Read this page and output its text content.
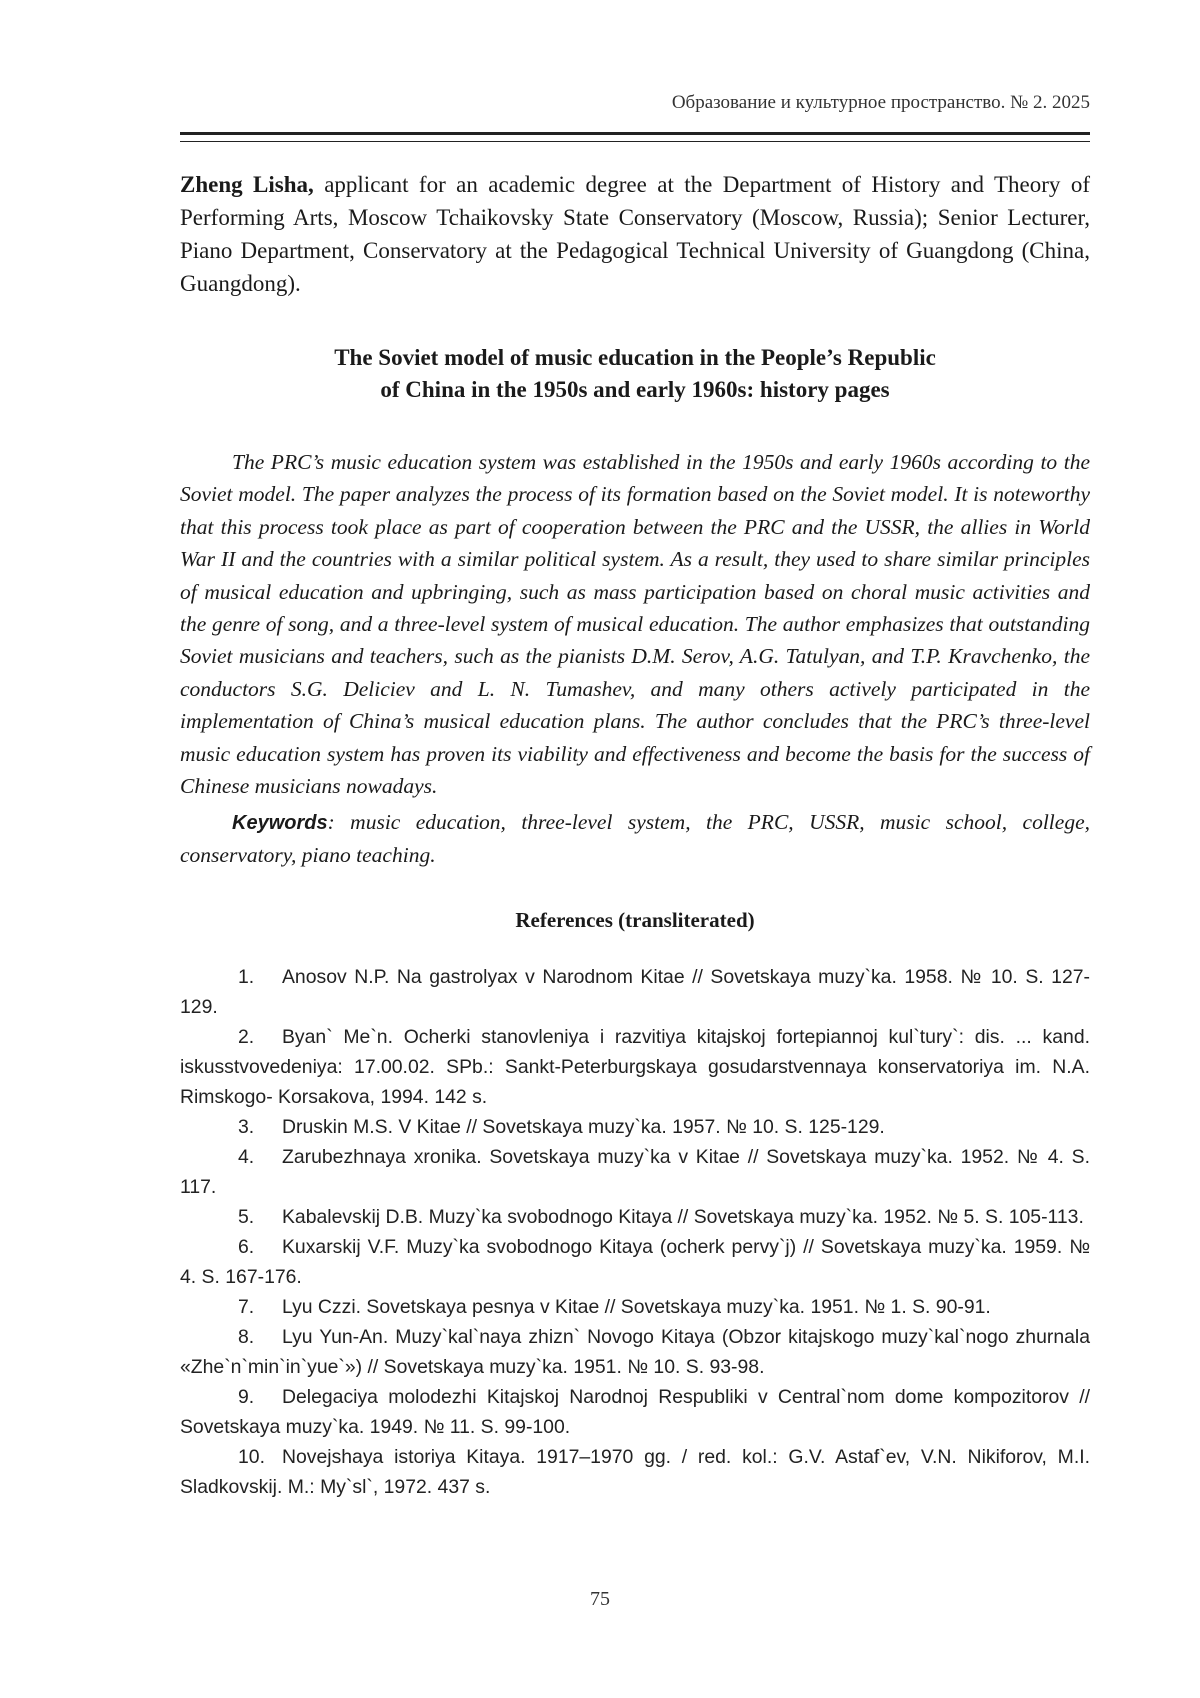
Образование и культурное пространство. № 2. 2025

Zheng Lisha, applicant for an academic degree at the Department of History and Theory of Performing Arts, Moscow Tchaikovsky State Conservatory (Moscow, Russia); Senior Lecturer, Piano Department, Conservatory at the Pedagogical Technical University of Guangdong (China, Guangdong).

The Soviet model of music education in the People’s Republic
of China in the 1950s and early 1960s: history pages

The PRC’s music education system was established in the 1950s and early 1960s according to the Soviet model. The paper analyzes the process of its formation based on the Soviet model. It is noteworthy that this process took place as part of cooperation between the PRC and the USSR, the allies in World War II and the countries with a similar political system. As a result, they used to share similar principles of musical education and upbringing, such as mass participation based on choral music activities and the genre of song, and a three-level system of musical education. The author emphasizes that outstanding Soviet musicians and teachers, such as the pianists D.M. Serov, A.G. Tatulyan, and T.P. Kravchenko, the conductors S.G. Deliciev and L. N. Tumashev, and many others actively participated in the implementation of China’s musical education plans. The author concludes that the PRC’s three-level music education system has proven its viability and effectiveness and become the basis for the success of Chinese musicians nowadays.

Keywords: music education, three-level system, the PRC, USSR, music school, college, conservatory, piano teaching.

References (transliterated)
1. Anosov N.P. Na gastrolyax v Narodnom Kitae // Sovetskaya muzy`ka. 1958. № 10. S. 127-129.
2. Byan` Me`n. Ocherki stanovleniya i razvitiya kitajskoj fortepiannoj kul`tury`: dis. ... kand. iskusstvovedeniya: 17.00.02. SPb.: Sankt-Peterburgskaya gosudarstvennaya konservatoriya im. N.A. Rimskogo- Korsakova, 1994. 142 s.
3. Druskin M.S. V Kitae // Sovetskaya muzy`ka. 1957. № 10. S. 125-129.
4. Zarubezhnaya xronika. Sovetskaya muzy`ka v Kitae // Sovetskaya muzy`ka. 1952. № 4. S. 117.
5. Kabalevskij D.B. Muzy`ka svobodnogo Kitaya // Sovetskaya muzy`ka. 1952. № 5. S. 105-113.
6. Kuxarskij V.F. Muzy`ka svobodnogo Kitaya (ocherk pervy`j) // Sovetskaya muzy`ka. 1959. № 4. S. 167-176.
7. Lyu Czzi. Sovetskaya pesnya v Kitae // Sovetskaya muzy`ka. 1951. № 1. S. 90-91.
8. Lyu Yun-An. Muzy`kal`naya zhizn` Novogo Kitaya (Obzor kitajskogo muzy`kal`nogo zhurnala «Zhe`n`min`in`yue`») // Sovetskaya muzy`ka. 1951. № 10. S. 93-98.
9. Delegaciya molodezhi Kitajskoj Narodnoj Respubliki v Central`nom dome kompozitorov // Sovetskaya muzy`ka. 1949. № 11. S. 99-100.
10. Novejshaya istoriya Kitaya. 1917–1970 gg. / red. kol.: G.V. Astaf`ev, V.N. Nikiforov, M.I. Sladkovskij. M.: My`sl`, 1972. 437 s.
75
